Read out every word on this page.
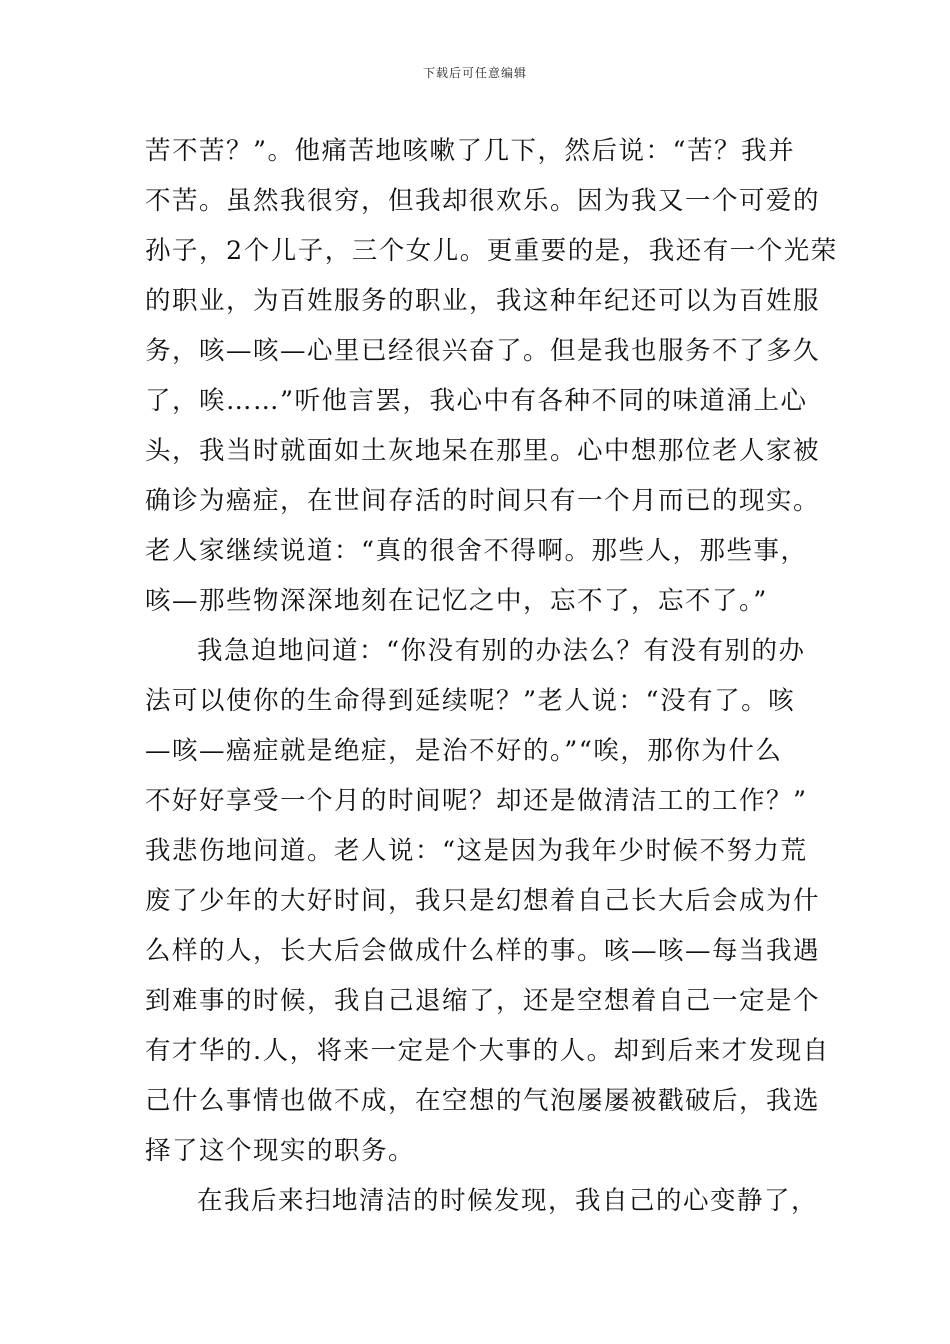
下载后可任意编辑
苦不苦？”。他痛苦地咳嗽了几下，然后说：“苦？我并
不苦。虽然我很穷，但我却很欢乐。因为我又一个可爱的
孙子，2个儿子，三个女儿。更重要的是，我还有一个光荣
的职业，为百姓服务的职业，我这种年纪还可以为百姓服
务，咳—咳—心里已经很兴奋了。但是我也服务不了多久
了，唉……”听他言罢，我心中有各种不同的味道涌上心
头，我当时就面如土灰地呆在那里。心中想那位老人家被
确诊为癌症，在世间存活的时间只有一个月而已的现实。
老人家继续说道：“真的很舍不得啊。那些人，那些事，
咳—那些物深深地刻在记忆之中，忘不了，忘不了。”
我急迫地问道：“你没有别的办法么？有没有别的办
法可以使你的生命得到延续呢？”老人说：“没有了。咳
—咳—癌症就是绝症，是治不好的。”“唉，那你为什么
不好好享受一个月的时间呢？却还是做清洁工的工作？”
我悲伤地问道。老人说：“这是因为我年少时候不努力荒
废了少年的大好时间，我只是幻想着自己长大后会成为什
么样的人，长大后会做成什么样的事。咳—咳—每当我遇
到难事的时候，我自己退缩了，还是空想着自己一定是个
有才华的.人，将来一定是个大事的人。却到后来才发现自
己什么事情也做不成，在空想的气泡屡屡被戳破后，我选
择了这个现实的职务。
在我后来扫地清洁的时候发现，我自己的心变静了，
